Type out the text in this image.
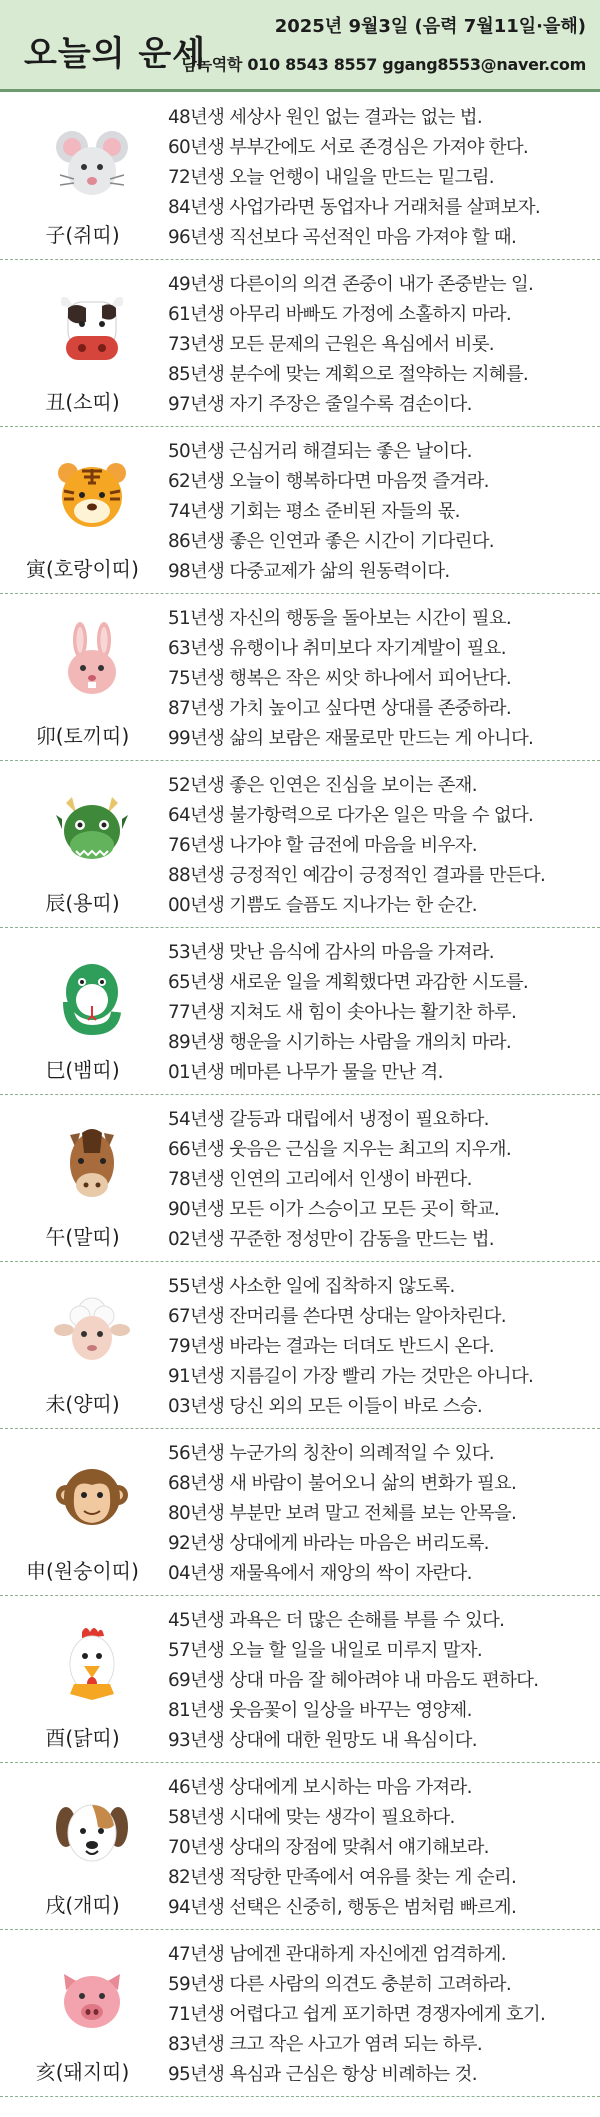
오늘의 운세
2025년 9월3일 (음력 7월11일·을해)
담녹역학 010 8543 8557 ggang8553@naver.com
子(쥐띠)
48년생 세상사 원인 없는 결과는 없는 법.
60년생 부부간에도 서로 존경심은 가져야 한다.
72년생 오늘 언행이 내일을 만드는 밑그림.
84년생 사업가라면 동업자나 거래처를 살펴보자.
96년생 직선보다 곡선적인 마음 가져야 할 때.
丑(소띠)
49년생 다른이의 의견 존중이 내가 존중받는 일.
61년생 아무리 바빠도 가정에 소홀하지 마라.
73년생 모든 문제의 근원은 욕심에서 비롯.
85년생 분수에 맞는 계획으로 절약하는 지혜를.
97년생 자기 주장은 줄일수록 겸손이다.
寅(호랑이띠)
50년생 근심거리 해결되는 좋은 날이다.
62년생 오늘이 행복하다면 마음껏 즐겨라.
74년생 기회는 평소 준비된 자들의 몫.
86년생 좋은 인연과 좋은 시간이 기다린다.
98년생 다중교제가 삶의 원동력이다.
卯(토끼띠)
51년생 자신의 행동을 돌아보는 시간이 필요.
63년생 유행이나 취미보다 자기계발이 필요.
75년생 행복은 작은 씨앗 하나에서 피어난다.
87년생 가치 높이고 싶다면 상대를 존중하라.
99년생 삶의 보람은 재물로만 만드는 게 아니다.
辰(용띠)
52년생 좋은 인연은 진심을 보이는 존재.
64년생 불가항력으로 다가온 일은 막을 수 없다.
76년생 나가야 할 금전에 마음을 비우자.
88년생 긍정적인 예감이 긍정적인 결과를 만든다.
00년생 기쁨도 슬픔도 지나가는 한 순간.
巳(뱀띠)
53년생 맛난 음식에 감사의 마음을 가져라.
65년생 새로운 일을 계획했다면 과감한 시도를.
77년생 지쳐도 새 힘이 솟아나는 활기찬 하루.
89년생 행운을 시기하는 사람을 개의치 마라.
01년생 메마른 나무가 물을 만난 격.
午(말띠)
54년생 갈등과 대립에서 냉정이 필요하다.
66년생 웃음은 근심을 지우는 최고의 지우개.
78년생 인연의 고리에서 인생이 바뀐다.
90년생 모든 이가 스승이고 모든 곳이 학교.
02년생 꾸준한 정성만이 감동을 만드는 법.
未(양띠)
55년생 사소한 일에 집착하지 않도록.
67년생 잔머리를 쓴다면 상대는 알아차린다.
79년생 바라는 결과는 더뎌도 반드시 온다.
91년생 지름길이 가장 빨리 가는 것만은 아니다.
03년생 당신 외의 모든 이들이 바로 스승.
申(원숭이띠)
56년생 누군가의 칭찬이 의례적일 수 있다.
68년생 새 바람이 불어오니 삶의 변화가 필요.
80년생 부분만 보려 말고 전체를 보는 안목을.
92년생 상대에게 바라는 마음은 버리도록.
04년생 재물욕에서 재앙의 싹이 자란다.
酉(닭띠)
45년생 과욕은 더 많은 손해를 부를 수 있다.
57년생 오늘 할 일을 내일로 미루지 말자.
69년생 상대 마음 잘 헤아려야 내 마음도 편하다.
81년생 웃음꽃이 일상을 바꾸는 영양제.
93년생 상대에 대한 원망도 내 욕심이다.
戌(개띠)
46년생 상대에게 보시하는 마음 가져라.
58년생 시대에 맞는 생각이 필요하다.
70년생 상대의 장점에 맞춰서 얘기해보라.
82년생 적당한 만족에서 여유를 찾는 게 순리.
94년생 선택은 신중히, 행동은 범처럼 빠르게.
亥(돼지띠)
47년생 남에겐 관대하게 자신에겐 엄격하게.
59년생 다른 사람의 의견도 충분히 고려하라.
71년생 어렵다고 쉽게 포기하면 경쟁자에게 호기.
83년생 크고 작은 사고가 염려 되는 하루.
95년생 욕심과 근심은 항상 비례하는 것.
